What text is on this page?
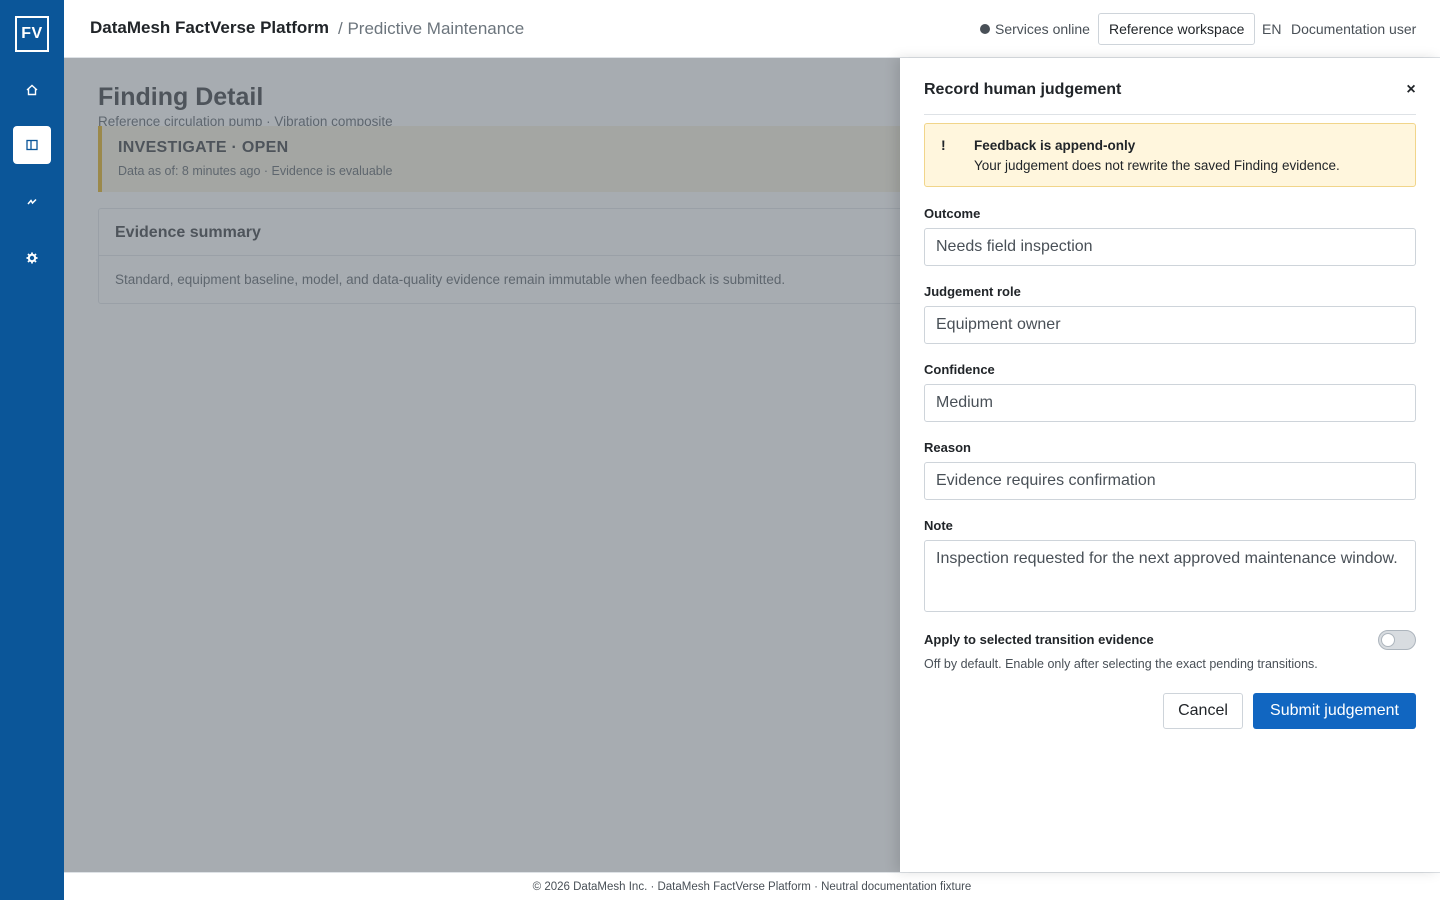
FV	DataMesh FactVerse Platform / Predictive Maintenance	Services online	Reference workspace	EN Documentation user
© 2026 DataMesh Inc. · DataMesh FactVerse Platform · Neutral documentation fixture
Record human judgement	×
! Feedback is append-only
Your judgement does not rewrite the saved Finding evidence.
Outcome
Needs field inspection
Judgement role
Equipment owner
Confidence
Medium
Reason
Evidence requires confirmation
Note
Inspection requested for the next approved maintenance window.
Apply to selected transition evidence
Off by default. Enable only after selecting the exact pending transitions.
Cancel	Submit judgement
